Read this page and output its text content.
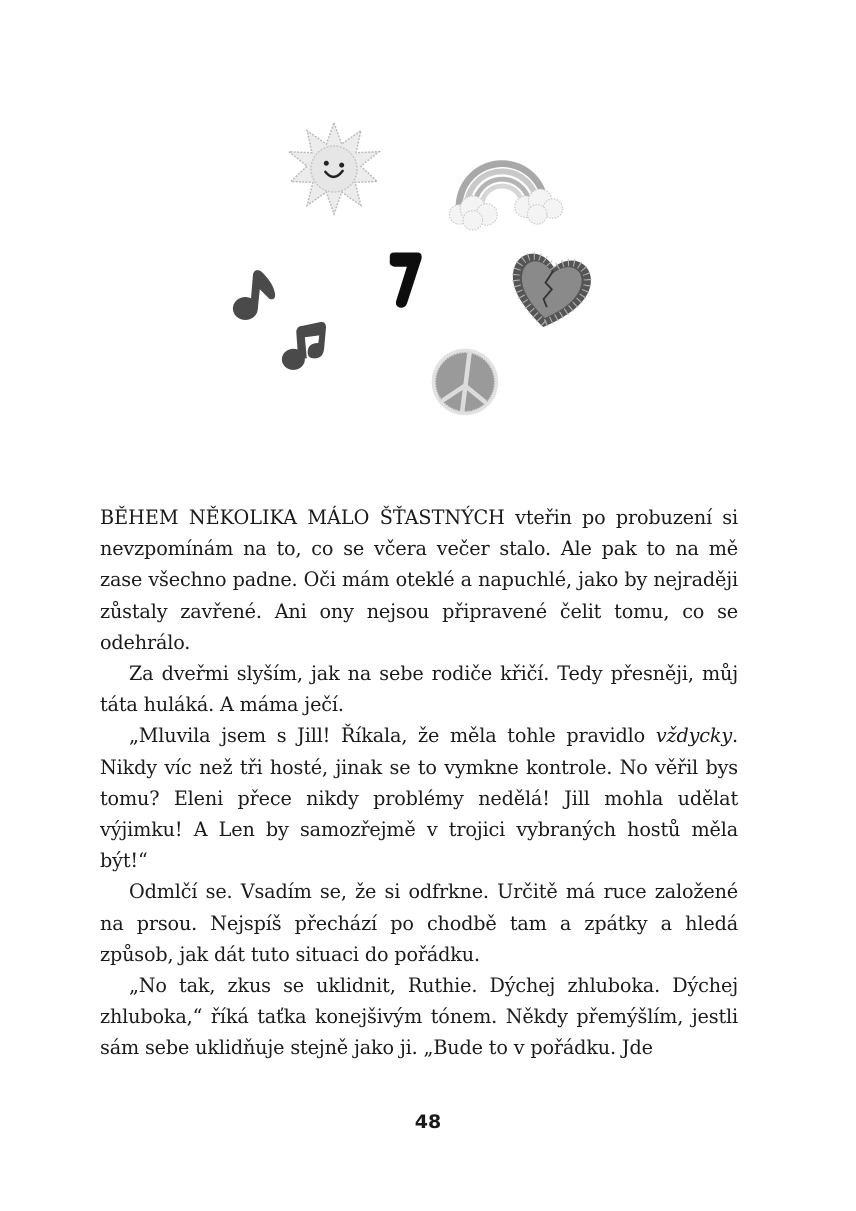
BĚHEM NĚKOLIKA MÁLO ŠŤASTNÝCH vteřin po probuzení si nevzpomínám na to, co se včera večer stalo. Ale pak to na mě zase všechno padne. Oči mám oteklé a napuchlé, jako by nejraději zůstaly zavřené. Ani ony nejsou připravené čelit tomu, co se odehrálo.

Za dveřmi slyším, jak na sebe rodiče křičí. Tedy přesněji, můj táta huláká. A máma ječí.

„Mluvila jsem s Jill! Říkala, že měla tohle pravidlo vždycky. Nikdy víc než tři hosté, jinak se to vymkne kontrole. No věřil bys tomu? Eleni přece nikdy problémy nedělá! Jill mohla udělat výjimku! A Len by samozřejmě v trojici vybraných hostů měla být!“

Odmlčí se. Vsadím se, že si odfrkne. Určitě má ruce založené na prsou. Nejspíš přechází po chodbě tam a zpátky a hledá způsob, jak dát tuto situaci do pořádku.

„No tak, zkus se uklidnit, Ruthie. Dýchej zhluboka. Dýchej zhluboka,“ říká taťka konejšivým tónem. Někdy přemýšlím, jestli sám sebe uklidňuje stejně jako ji. „Bude to v pořádku. Jde

48
